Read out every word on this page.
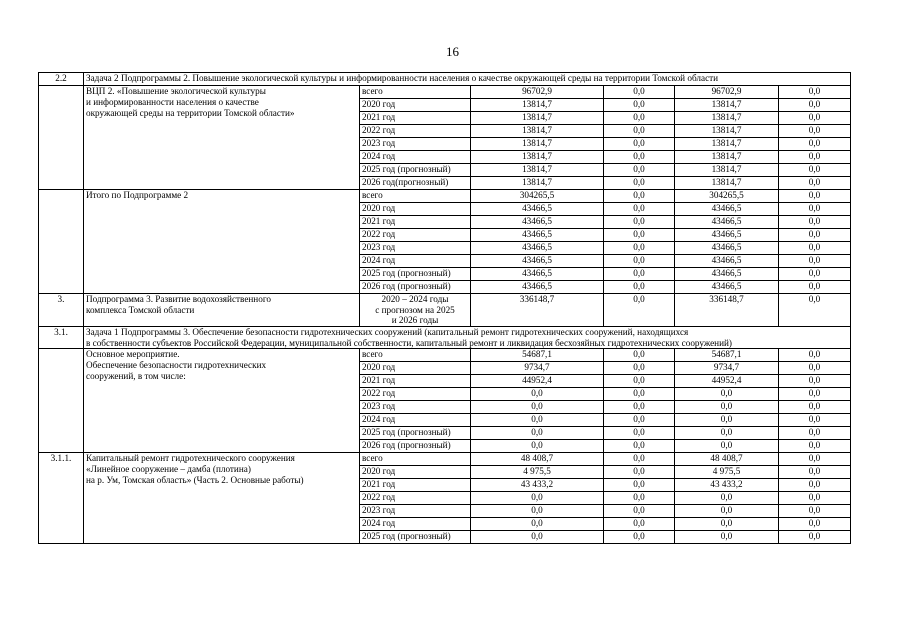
16
2.2	Задача 2 Подпрограммы 2. Повышение экологической культуры и информированности населения о качестве окружающей среды на территории Томской области					
	ВЦП 2. «Повышение экологической культуры
и информированности населения о качестве
окружающей среды на территории Томской области»	всего	96702,9	0,0	96702,9	0,0
		2020 год	13814,7	0,0	13814,7	0,0
		2021 год	13814,7	0,0	13814,7	0,0
		2022 год	13814,7	0,0	13814,7	0,0
		2023 год	13814,7	0,0	13814,7	0,0
		2024 год	13814,7	0,0	13814,7	0,0
		2025 год (прогнозный)	13814,7	0,0	13814,7	0,0
		2026 год(прогнозный)	13814,7	0,0	13814,7	0,0
	Итого по Подпрограмме 2	всего	304265,5	0,0	304265,5	0,0
		2020 год	43466,5	0,0	43466,5	0,0
		2021 год	43466,5	0,0	43466,5	0,0
		2022 год	43466,5	0,0	43466,5	0,0
		2023 год	43466,5	0,0	43466,5	0,0
		2024 год	43466,5	0,0	43466,5	0,0
		2025 год (прогнозный)	43466,5	0,0	43466,5	0,0
		2026 год (прогнозный)	43466,5	0,0	43466,5	0,0
3.	Подпрограмма 3. Развитие водохозяйственного
комплекса Томской области	2020 – 2024 годы
с прогнозом на 2025
и 2026 годы	336148,7	0,0	336148,7	0,0
3.1.	Задача 1 Подпрограммы 3. Обеспечение безопасности гидротехнических сооружений (капитальный ремонт гидротехнических сооружений, находящихся
в собственности субъектов Российской Федерации, муниципальной собственности, капитальный ремонт и ликвидация бесхозяйных гидротехнических сооружений)					
	Основное мероприятие.
Обеспечение безопасности гидротехнических
сооружений, в том числе:	всего	54687,1	0,0	54687,1	0,0
		2020 год	9734,7	0,0	9734,7	0,0
		2021 год	44952,4	0,0	44952,4	0,0
		2022 год	0,0	0,0	0,0	0,0
		2023 год	0,0	0,0	0,0	0,0
		2024 год	0,0	0,0	0,0	0,0
		2025 год (прогнозный)	0,0	0,0	0,0	0,0
		2026 год (прогнозный)	0,0	0,0	0,0	0,0
3.1.1.	Капитальный ремонт гидротехнического сооружения
«Линейное сооружение – дамба (плотина)
на р. Ум, Томская область» (Часть 2. Основные работы)	всего	48 408,7	0,0	48 408,7	0,0
		2020 год	4 975,5	0,0	4 975,5	0,0
		2021 год	43 433,2	0,0	43 433,2	0,0
		2022 год	0,0	0,0	0,0	0,0
		2023 год	0,0	0,0	0,0	0,0
		2024 год	0,0	0,0	0,0	0,0
		2025 год (прогнозный)	0,0	0,0	0,0	0,0
